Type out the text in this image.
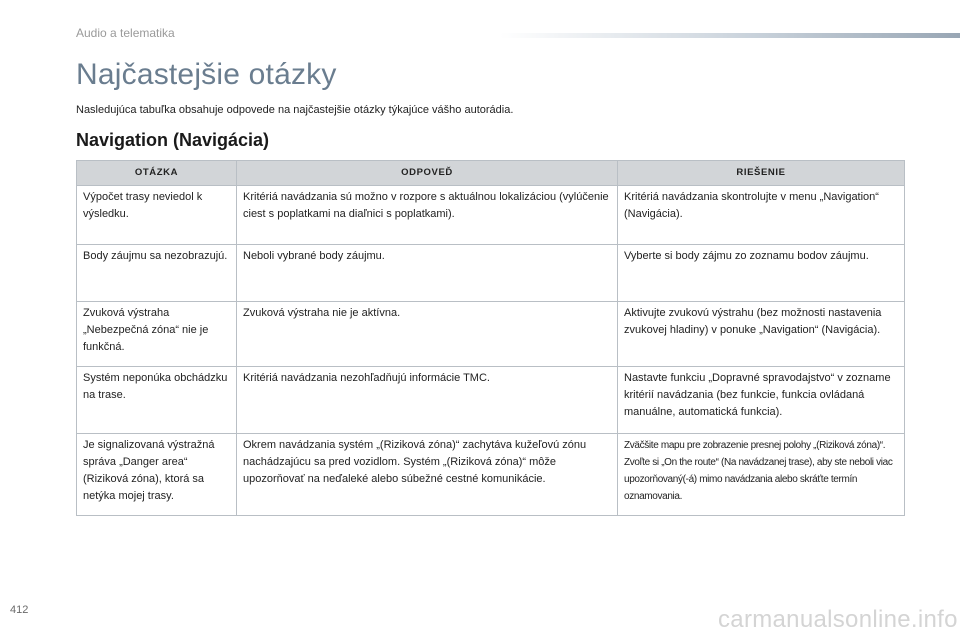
Audio a telematika
Najčastejšie otázky
Nasledujúca tabuľka obsahuje odpovede na najčastejšie otázky týkajúce vášho autorádia.
Navigation (Navigácia)
OTÁZKA	ODPOVEĎ	RIEŠENIE
Výpočet trasy neviedol k výsledku.	Kritériá navádzania sú možno v rozpore s aktuálnou lokalizáciou (vylúčenie ciest s poplatkami na diaľnici s poplatkami).	Kritériá navádzania skontrolujte v menu „Navigation“ (Navigácia).
Body záujmu sa nezobrazujú.	Neboli vybrané body záujmu.	Vyberte si body zájmu zo zoznamu bodov záujmu.
Zvuková výstraha „Nebezpečná zóna“ nie je funkčná.	Zvuková výstraha nie je aktívna.	Aktivujte zvukovú výstrahu (bez možnosti nastavenia zvukovej hladiny) v ponuke „Navigation“ (Navigácia).
Systém neponúka obchádzku na trase.	Kritériá navádzania nezohľadňujú informácie TMC.	Nastavte funkciu „Dopravné spravodajstvo“ v zozname kritérií navádzania (bez funkcie, funkcia ovládaná manuálne, automatická funkcia).
Je signalizovaná výstražná správa „Danger area“ (Riziková zóna), ktorá sa netýka mojej trasy.	Okrem navádzania systém „(Riziková zóna)“ zachytáva kužeľovú zónu nachádzajúcu sa pred vozidlom. Systém „(Riziková zóna)“ môže upozorňovať na neďaleké alebo súbežné cestné komunikácie.	Zväčšite mapu pre zobrazenie presnej polohy „(Riziková zóna)“. Zvoľte si „On the route“ (Na navádzanej trase), aby ste neboli viac upozorňovaný(-á) mimo navádzania alebo skráťte termín oznamovania.
412	carmanualsonline.info
